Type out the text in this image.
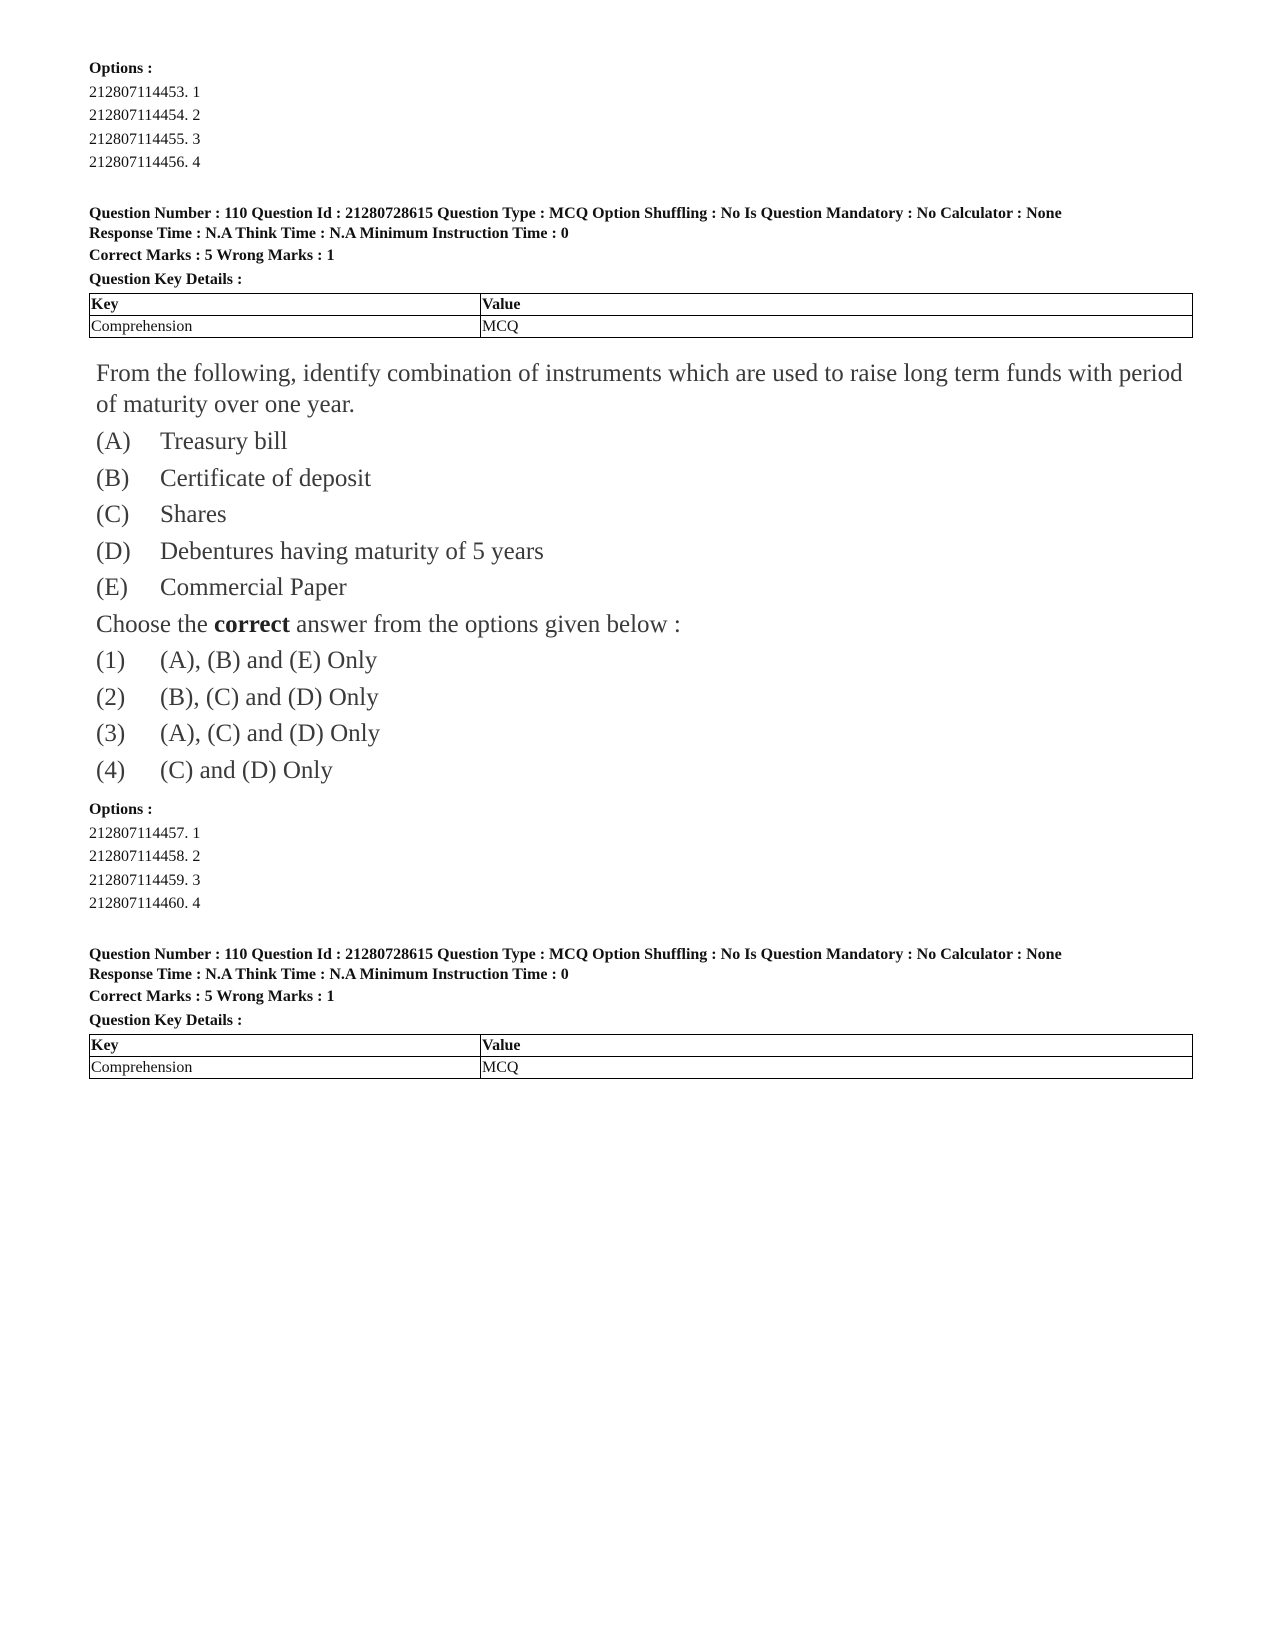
Options :
212807114453. 1
212807114454. 2
212807114455. 3
212807114456. 4
Question Number : 110 Question Id : 21280728615 Question Type : MCQ Option Shuffling : No Is Question Mandatory : No Calculator : None
Response Time : N.A Think Time : N.A Minimum Instruction Time : 0
Correct Marks : 5 Wrong Marks : 1
Question Key Details :
Key	Value
Comprehension	MCQ
From the following, identify combination of instruments which are used to raise long term funds with period of maturity over one year.
(A)	Treasury bill
(B)	Certificate of deposit
(C)	Shares
(D)	Debentures having maturity of 5 years
(E)	Commercial Paper
Choose the correct answer from the options given below :
(1)	(A), (B) and (E) Only
(2)	(B), (C) and (D) Only
(3)	(A), (C) and (D) Only
(4)	(C) and (D) Only
Options :
212807114457. 1
212807114458. 2
212807114459. 3
212807114460. 4
Question Number : 110 Question Id : 21280728615 Question Type : MCQ Option Shuffling : No Is Question Mandatory : No Calculator : None
Response Time : N.A Think Time : N.A Minimum Instruction Time : 0
Correct Marks : 5 Wrong Marks : 1
Question Key Details :
Key	Value
Comprehension	MCQ
